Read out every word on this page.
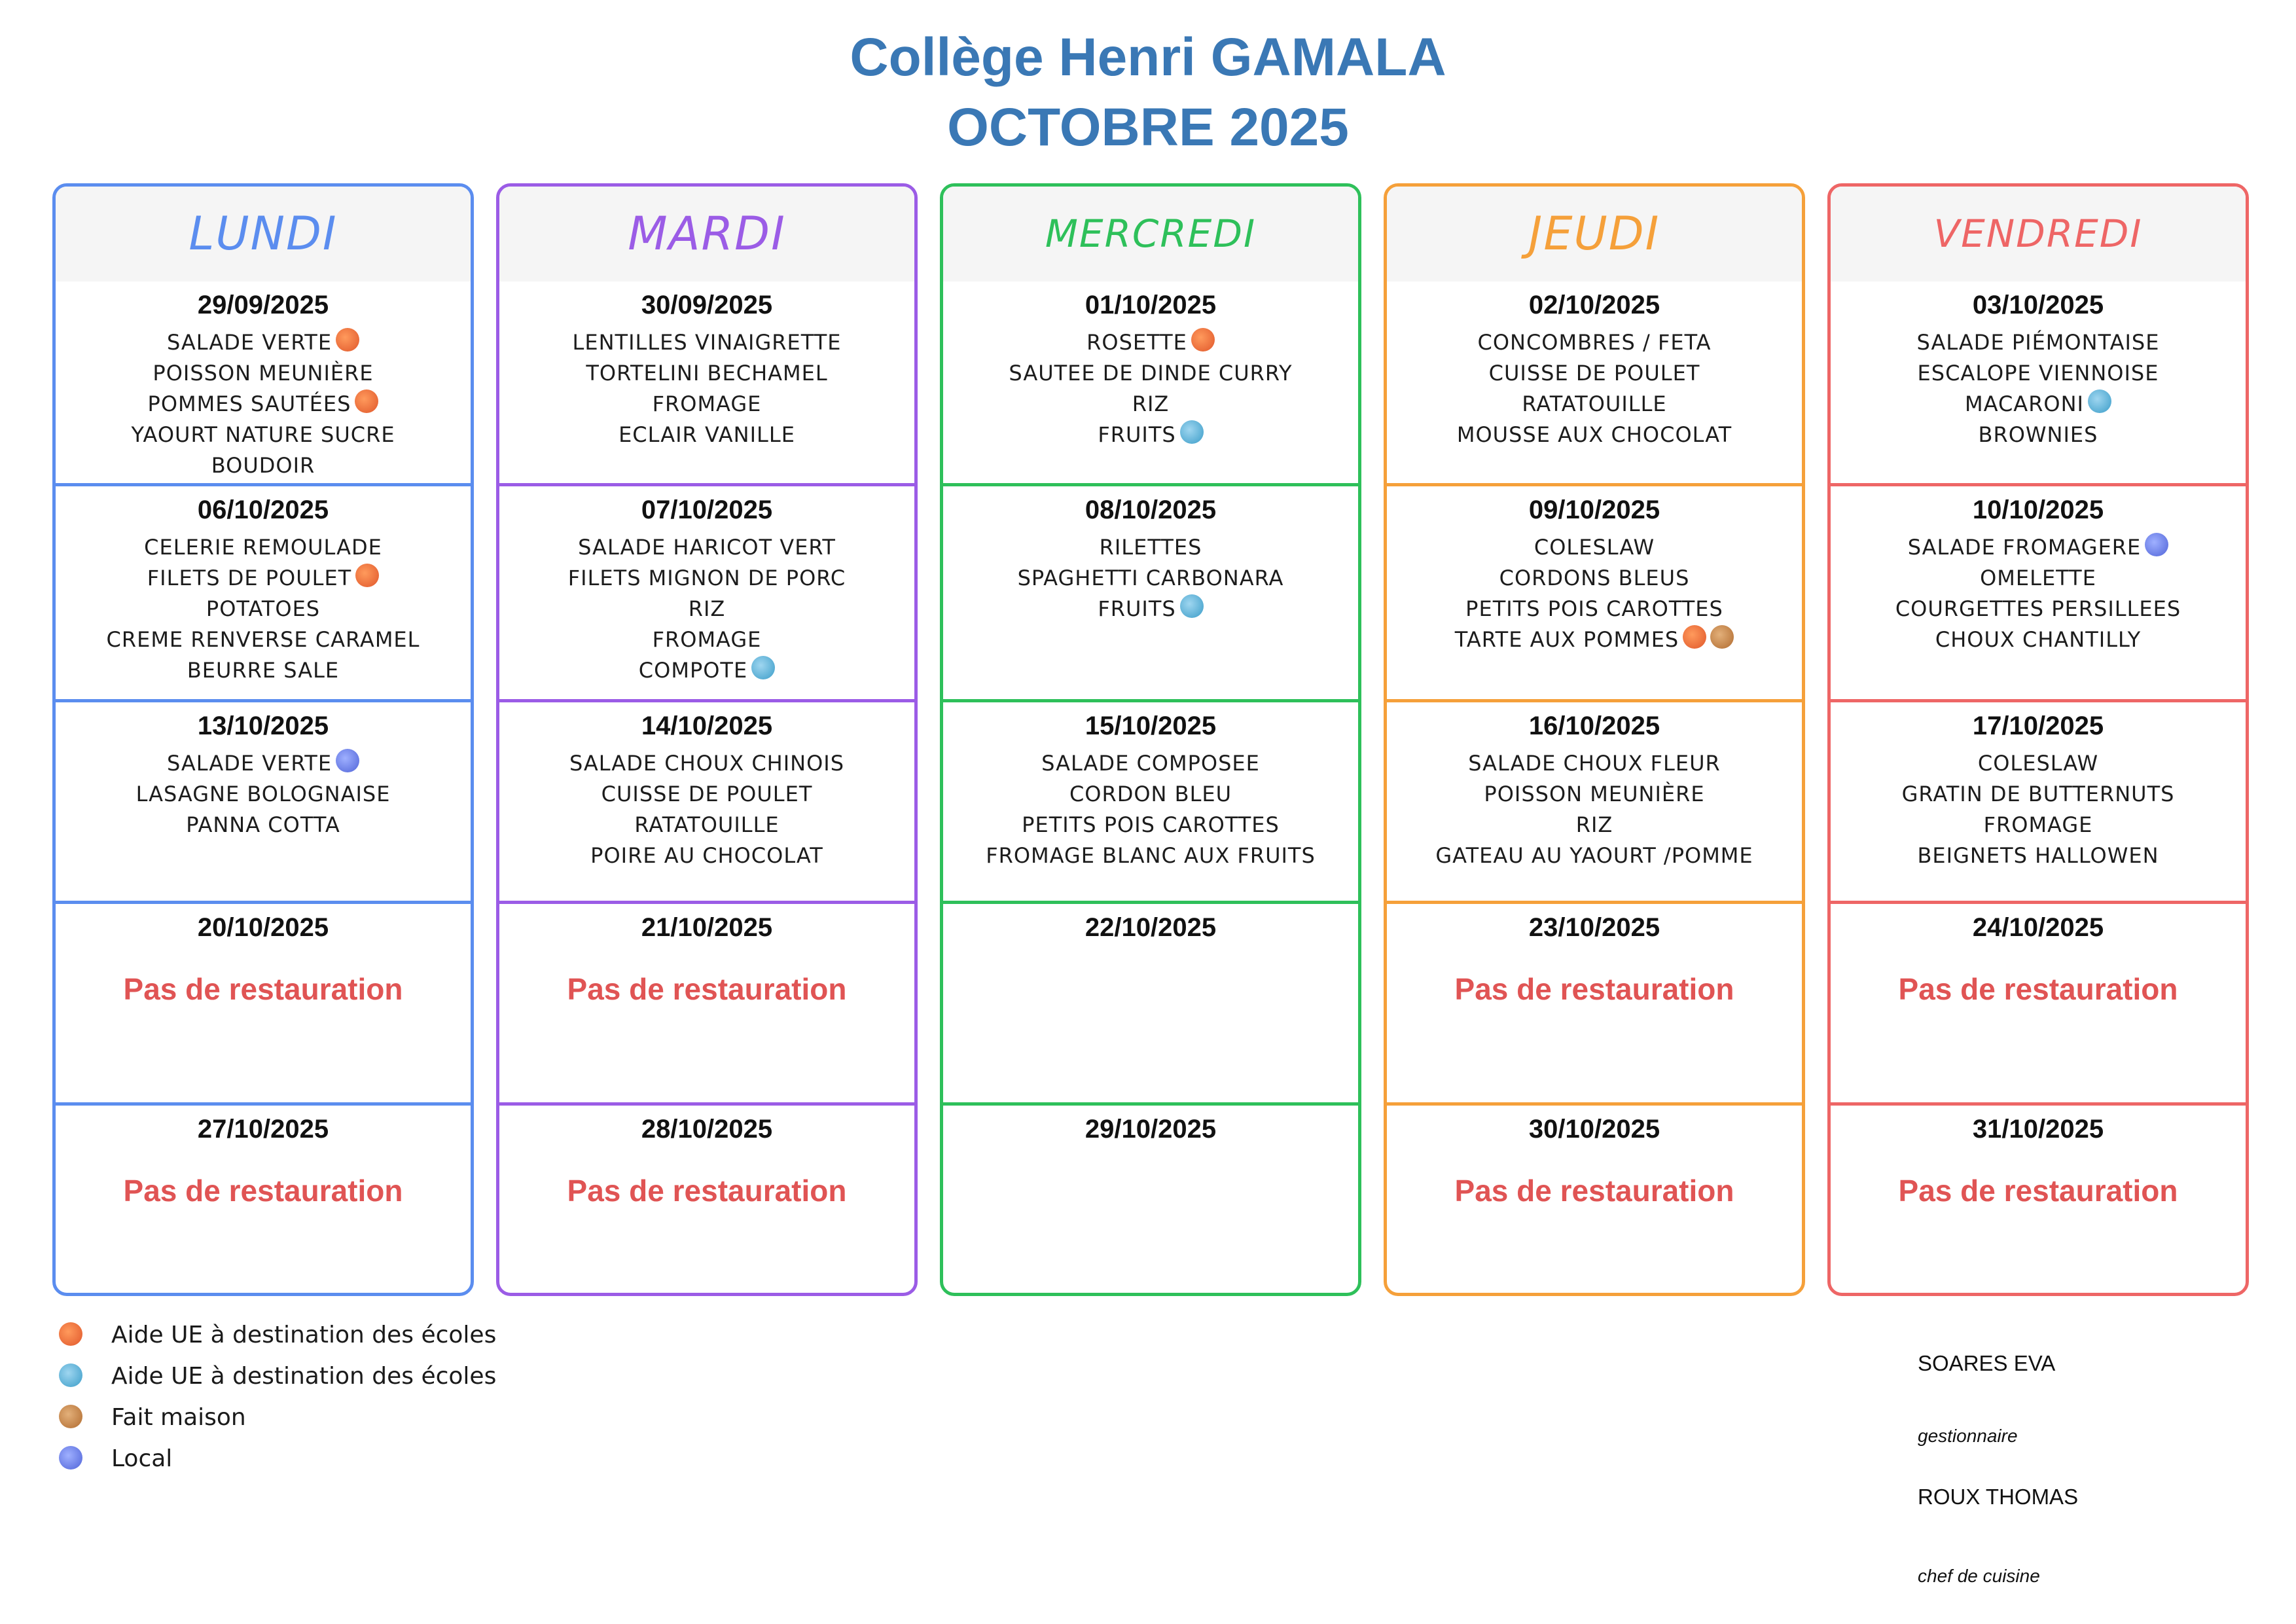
Collège Henri GAMALA
OCTOBRE 2025
LUNDI
29/09/2025
SALADE VERTE
POISSON MEUNIÈRE
POMMES SAUTÉES
YAOURT NATURE SUCRE
BOUDOIR
06/10/2025
CELERIE REMOULADE
FILETS DE POULET
POTATOES
CREME RENVERSE CARAMEL BEURRE SALE
13/10/2025
SALADE VERTE
LASAGNE BOLOGNAISE
PANNA COTTA
20/10/2025
Pas de restauration
27/10/2025
Pas de restauration
MARDI
30/09/2025
LENTILLES VINAIGRETTE
TORTELINI BECHAMEL
FROMAGE
ECLAIR VANILLE
07/10/2025
SALADE HARICOT VERT
FILETS MIGNON DE PORC
RIZ
FROMAGE
COMPOTE
14/10/2025
SALADE CHOUX CHINOIS
CUISSE DE POULET
RATATOUILLE
POIRE AU CHOCOLAT
21/10/2025
Pas de restauration
28/10/2025
Pas de restauration
MERCREDI
01/10/2025
ROSETTE
SAUTEE DE DINDE CURRY
RIZ
FRUITS
08/10/2025
RILETTES
SPAGHETTI CARBONARA
FRUITS
15/10/2025
SALADE COMPOSEE
CORDON BLEU
PETITS POIS CAROTTES
FROMAGE BLANC AUX FRUITS
22/10/2025
29/10/2025
JEUDI
02/10/2025
CONCOMBRES / FETA
CUISSE DE POULET
RATATOUILLE
MOUSSE AUX CHOCOLAT
09/10/2025
COLESLAW
CORDONS BLEUS
PETITS POIS CAROTTES
TARTE AUX POMMES
16/10/2025
SALADE CHOUX FLEUR
POISSON MEUNIÈRE
RIZ
GATEAU AU YAOURT /POMME
23/10/2025
Pas de restauration
30/10/2025
Pas de restauration
VENDREDI
03/10/2025
SALADE PIÉMONTAISE
ESCALOPE VIENNOISE
MACARONI
BROWNIES
10/10/2025
SALADE FROMAGERE
OMELETTE
COURGETTES PERSILLEES
CHOUX CHANTILLY
17/10/2025
COLESLAW
GRATIN DE BUTTERNUTS
FROMAGE
BEIGNETS HALLOWEN
24/10/2025
Pas de restauration
31/10/2025
Pas de restauration
Aide UE à destination des écoles
Aide UE à destination des écoles
Fait maison
Local
SOARES EVA
gestionnaire
ROUX THOMAS
chef de cuisine
